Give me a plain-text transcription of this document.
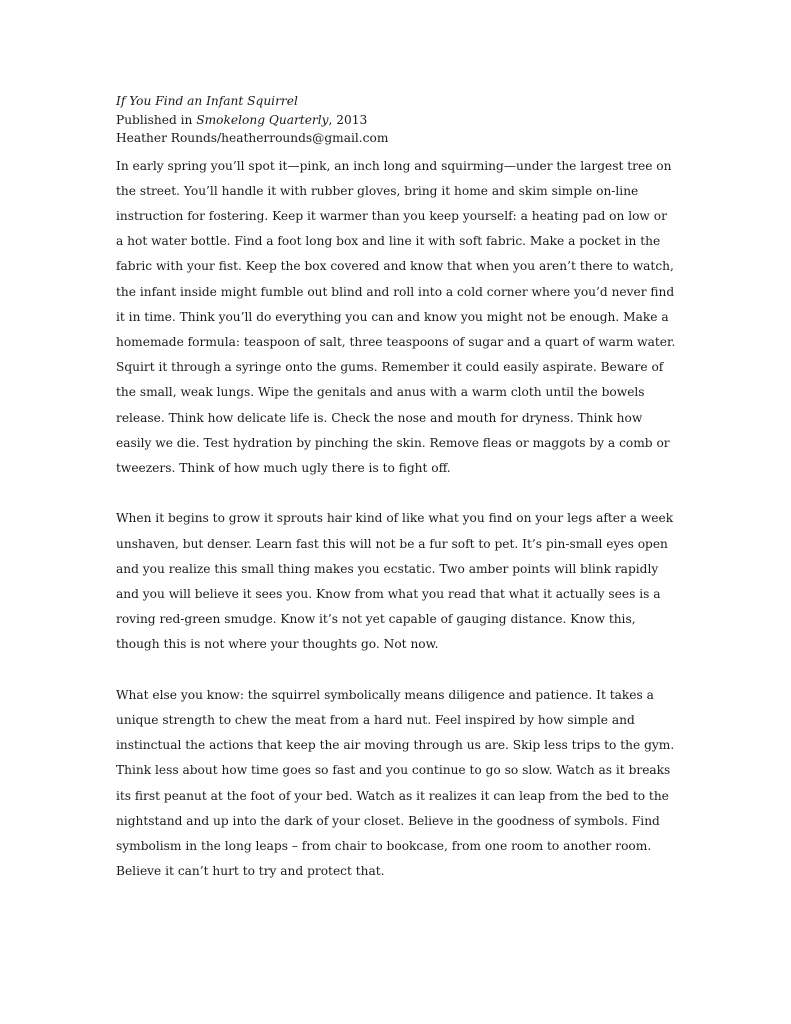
If You Find an Infant Squirrel

Published in Smokelong Quarterly, 2013

Heather Rounds/heatherrounds@gmail.com

In early spring you’ll spot it—pink, an inch long and squirming—under the largest tree on the street. You’ll handle it with rubber gloves, bring it home and skim simple on-line instruction for fostering. Keep it warmer than you keep yourself: a heating pad on low or a hot water bottle. Find a foot long box and line it with soft fabric. Make a pocket in the fabric with your fist. Keep the box covered and know that when you aren’t there to watch, the infant inside might fumble out blind and roll into a cold corner where you’d never find it in time. Think you’ll do everything you can and know you might not be enough. Make a homemade formula: teaspoon of salt, three teaspoons of sugar and a quart of warm water. Squirt it through a syringe onto the gums. Remember it could easily aspirate. Beware of the small, weak lungs. Wipe the genitals and anus with a warm cloth until the bowels release. Think how delicate life is. Check the nose and mouth for dryness. Think how easily we die. Test hydration by pinching the skin. Remove fleas or maggots by a comb or tweezers. Think of how much ugly there is to fight off.

When it begins to grow it sprouts hair kind of like what you find on your legs after a week unshaven, but denser. Learn fast this will not be a fur soft to pet. It’s pin-small eyes open and you realize this small thing makes you ecstatic. Two amber points will blink rapidly and you will believe it sees you. Know from what you read that what it actually sees is a roving red-green smudge. Know it’s not yet capable of gauging distance. Know this, though this is not where your thoughts go. Not now.

What else you know: the squirrel symbolically means diligence and patience. It takes a unique strength to chew the meat from a hard nut. Feel inspired by how simple and instinctual the actions that keep the air moving through us are. Skip less trips to the gym. Think less about how time goes so fast and you continue to go so slow. Watch as it breaks its first peanut at the foot of your bed. Watch as it realizes it can leap from the bed to the nightstand and up into the dark of your closet. Believe in the goodness of symbols. Find symbolism in the long leaps – from chair to bookcase, from one room to another room. Believe it can’t hurt to try and protect that.
